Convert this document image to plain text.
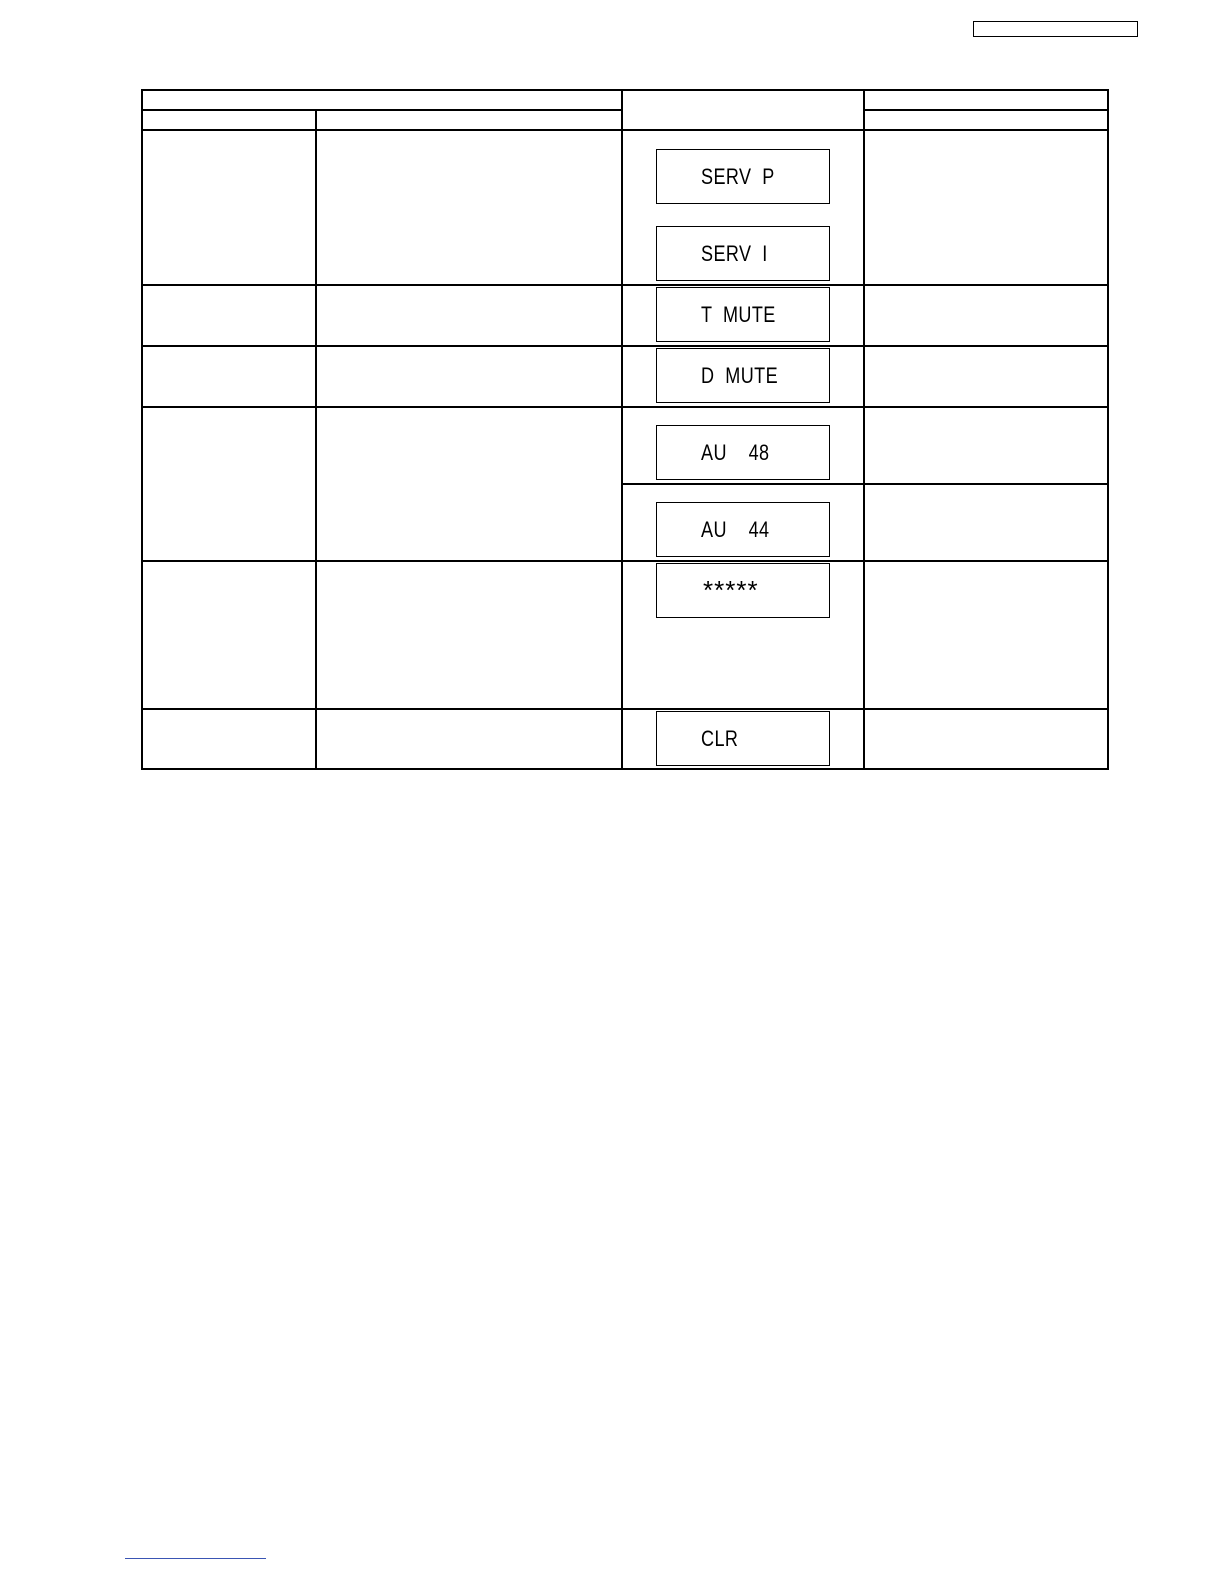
SERV  P
SERV  I
T  MUTE
D  MUTE
AU    48
AU    44
*****
CLR
